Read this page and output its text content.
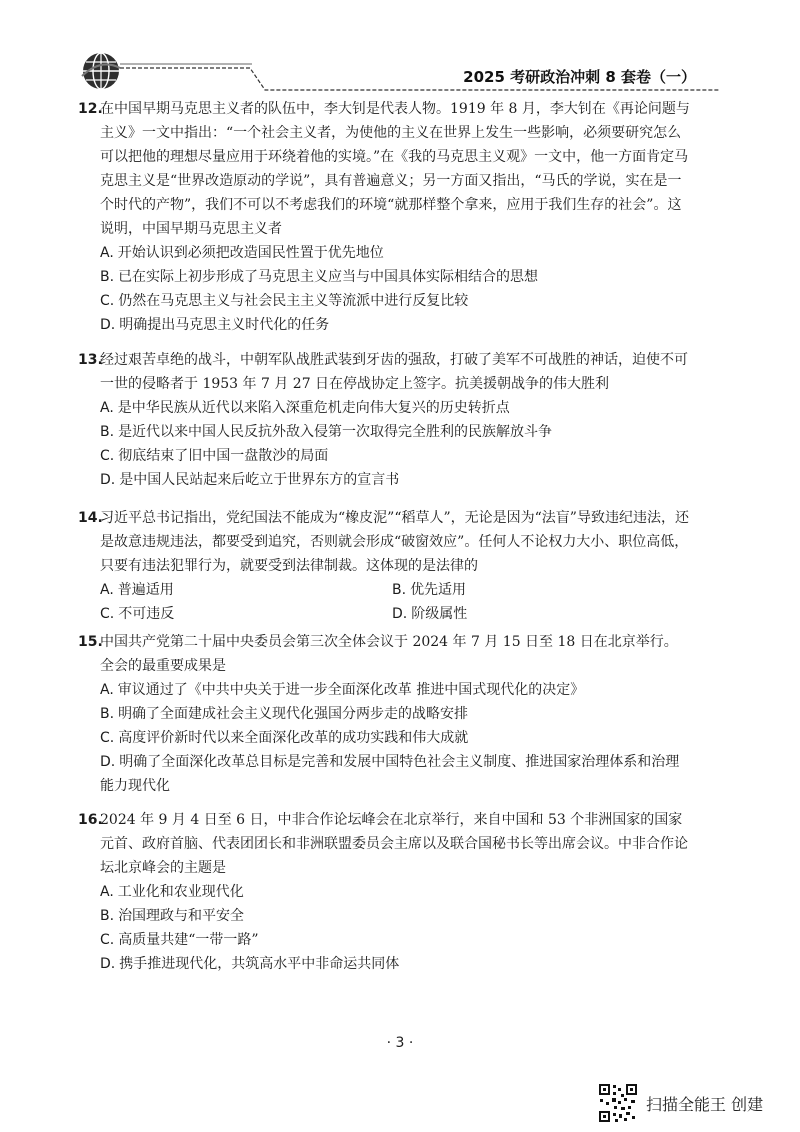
2025 考研政治冲刺 8 套卷（一）
12.

在中国早期马克思主义者的队伍中，李大钊是代表人物。1919 年 8 月，李大钊在《再论问题与主义》一文中指出：“一个社会主义者，为使他的主义在世界上发生一些影响，必须要研究怎么可以把他的理想尽量应用于环绕着他的实境。”在《我的马克思主义观》一文中，他一方面肯定马克思主义是“世界改造原动的学说”，具有普遍意义；另一方面又指出，“马氏的学说，实在是一个时代的产物”，我们不可以不考虑我们的环境“就那样整个拿来，应用于我们生存的社会”。这说明，中国早期马克思主义者

A. 开始认识到必须把改造国民性置于优先地位
B. 已在实际上初步形成了马克思主义应当与中国具体实际相结合的思想
C. 仍然在马克思主义与社会民主主义等流派中进行反复比较
D. 明确提出马克思主义时代化的任务
13.

经过艰苦卓绝的战斗，中朝军队战胜武装到牙齿的强敌，打破了美军不可战胜的神话，迫使不可一世的侵略者于 1953 年 7 月 27 日在停战协定上签字。抗美援朝战争的伟大胜利

A. 是中华民族从近代以来陷入深重危机走向伟大复兴的历史转折点
B. 是近代以来中国人民反抗外敌入侵第一次取得完全胜利的民族解放斗争
C. 彻底结束了旧中国一盘散沙的局面
D. 是中国人民站起来后屹立于世界东方的宣言书
14.

习近平总书记指出，党纪国法不能成为“橡皮泥”“稻草人”，无论是因为“法盲”导致违纪违法，还是故意违规违法，都要受到追究，否则就会形成“破窗效应”。任何人不论权力大小、职位高低，只要有违法犯罪行为，就要受到法律制裁。这体现的是法律的

A. 普遍适用	B. 优先适用
C. 不可违反	D. 阶级属性
15.

中国共产党第二十届中央委员会第三次全体会议于 2024 年 7 月 15 日至 18 日在北京举行。全会的最重要成果是

A. 审议通过了《中共中央关于进一步全面深化改革 推进中国式现代化的决定》
B. 明确了全面建成社会主义现代化强国分两步走的战略安排
C. 高度评价新时代以来全面深化改革的成功实践和伟大成就
D. 明确了全面深化改革总目标是完善和发展中国特色社会主义制度、推进国家治理体系和治理能力现代化
16.

2024 年 9 月 4 日至 6 日，中非合作论坛峰会在北京举行，来自中国和 53 个非洲国家的国家元首、政府首脑、代表团团长和非洲联盟委员会主席以及联合国秘书长等出席会议。中非合作论坛北京峰会的主题是

A. 工业化和农业现代化
B. 治国理政与和平安全
C. 高质量共建“一带一路”
D. 携手推进现代化，共筑高水平中非命运共同体
· 3 ·
扫描全能王 创建
